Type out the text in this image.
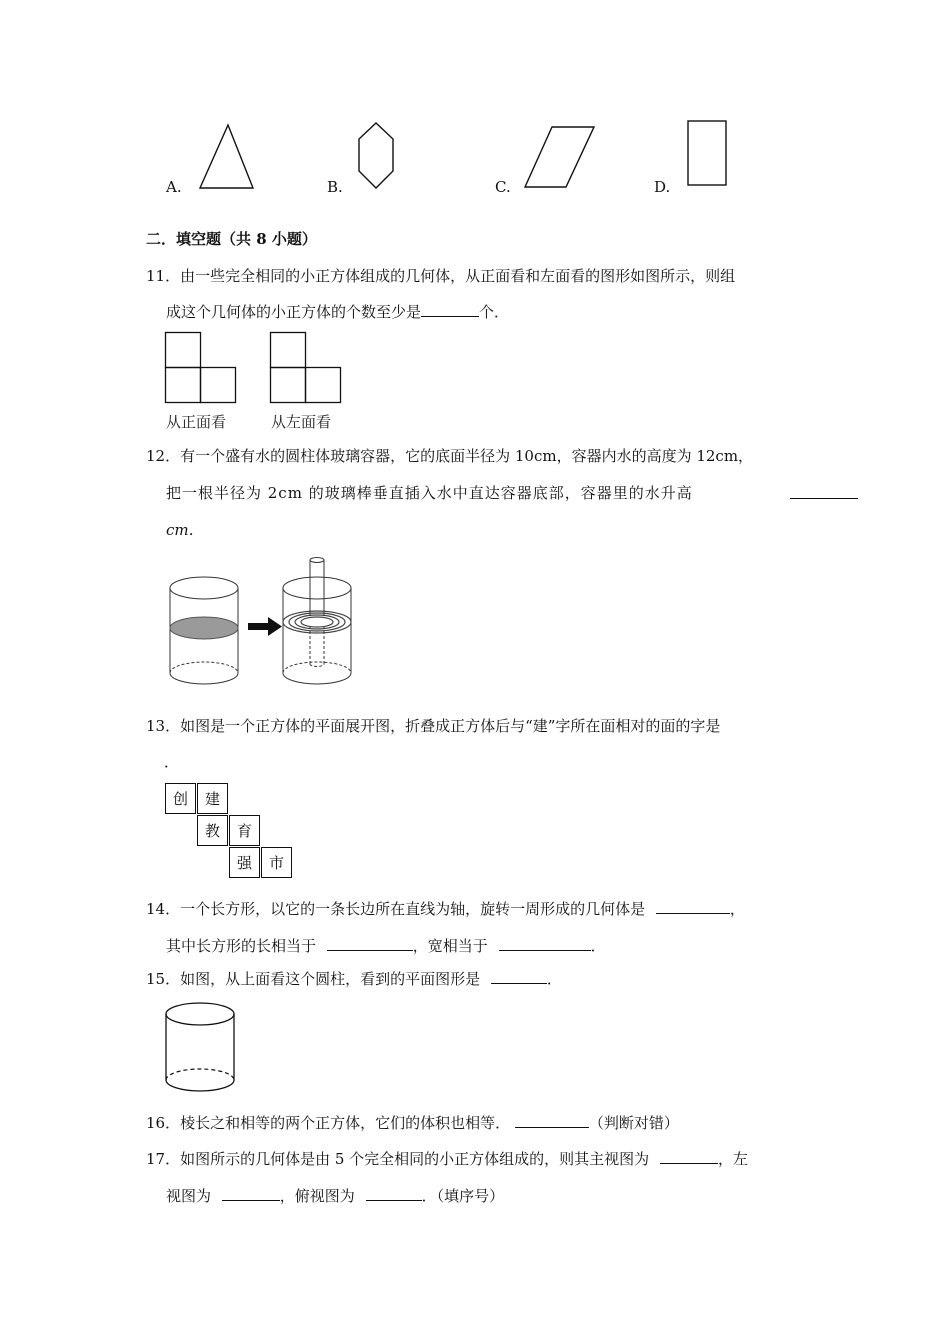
A.	B.	C.	D.
二．填空题（共 8 小题）
11．由一些完全相同的小正方体组成的几何体，从正面看和左面看的图形如图所示，则组
成这个几何体的小正方体的个数至少是	个．
从正面看	从左面看
12．有一个盛有水的圆柱体玻璃容器，它的底面半径为 10cm，容器内水的高度为 12cm，
把一根半径为 2cm 的玻璃棒垂直插入水中直达容器底部，容器里的水升高
cm．
13．如图是一个正方体的平面展开图，折叠成正方体后与“建”字所在面相对的面的字是
．
创	建
教	育
强	市
14．一个长方形，以它的一条长边所在直线为轴，旋转一周形成的几何体是	，
其中长方形的长相当于	，宽相当于	．
15．如图，从上面看这个圆柱，看到的平面图形是	．
16．棱长之和相等的两个正方体，它们的体积也相等．	（判断对错）
17．如图所示的几何体是由 5 个完全相同的小正方体组成的，则其主视图为	，左
视图为	，俯视图为	．（填序号）
